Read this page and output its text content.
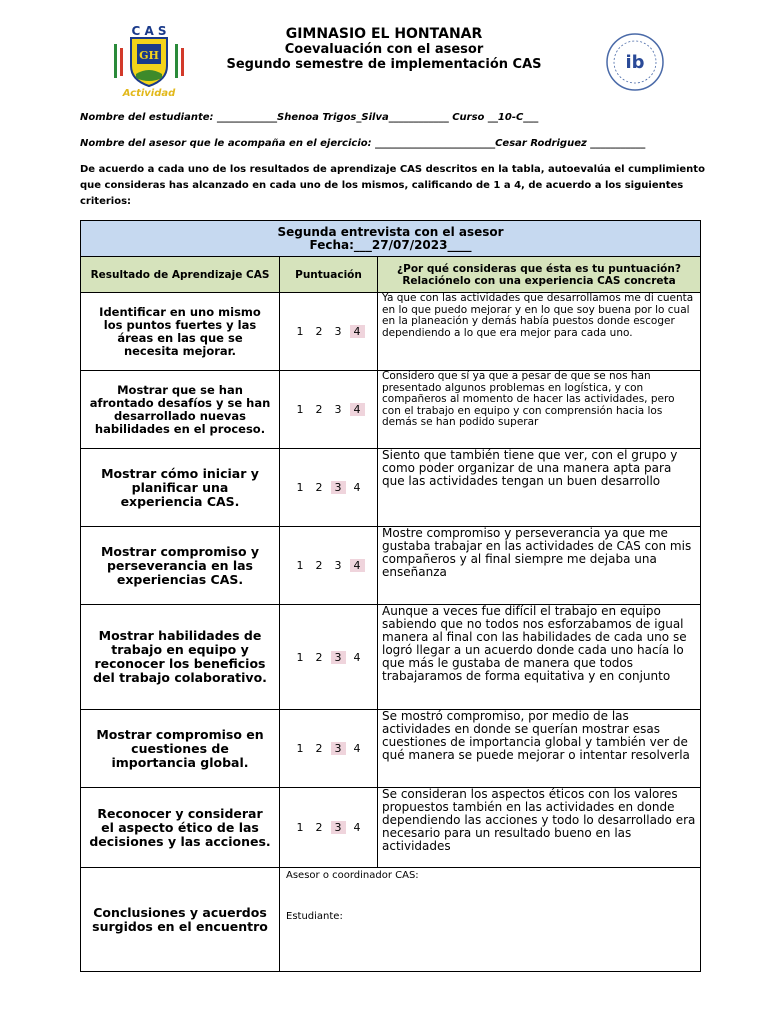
C A S
GH
Actividad
ib
GIMNASIO EL HONTANAR
Coevaluación con el asesor
Segundo semestre de implementación CAS
Nombre del estudiante: ____________Shenoa Trigos_Silva____________ Curso __10-C___
Nombre del asesor que le acompaña en el ejercicio: ________________________Cesar Rodriguez ___________
De acuerdo a cada uno de los resultados de aprendizaje CAS descritos en la tabla, autoevalúa el cumplimiento que consideras has alcanzado en cada uno de los mismos, calificando de 1 a 4, de acuerdo a los siguientes criterios:
Segunda entrevista con el asesor
Fecha:___27/07/2023____		

Resultado de Aprendizaje CAS	Puntuación	¿Por qué consideras que ésta es tu puntuación? Relaciónelo con una experiencia CAS concreta
Identificar en uno mismo los puntos fuertes y las áreas en las que se necesita mejorar.	1 2 3 4	Ya que con las actividades que desarrollamos me di cuenta en lo que puedo mejorar y en lo que soy buena por lo cual en la planeación y demás había puestos donde escoger dependiendo a lo que era mejor para cada uno.
Mostrar que se han afrontado desafíos y se han desarrollado nuevas habilidades en el proceso.	1 2 3 4	Considero que sí ya que a pesar de que se nos han presentado algunos problemas en logística, y con compañeros al momento de hacer las actividades, pero con el trabajo en equipo y con comprensión hacia los demás se han podido superar
Mostrar cómo iniciar y planificar una experiencia CAS.	1 2 3 4	Siento que también tiene que ver, con el grupo y como poder organizar de una manera apta para que las actividades tengan un buen desarrollo
Mostrar compromiso y perseverancia en las experiencias CAS.	1 2 3 4	Mostre compromiso y perseverancia ya que me gustaba trabajar en las actividades de CAS con mis compañeros y al final siempre me dejaba una enseñanza
Mostrar habilidades de trabajo en equipo y reconocer los beneficios del trabajo colaborativo.	1 2 3 4	Aunque a veces fue difícil el trabajo en equipo sabiendo que no todos nos esforzabamos de igual manera al final con las habilidades de cada uno se logró llegar a un acuerdo donde cada uno hacía lo que más le gustaba de manera que todos trabajaramos de forma equitativa y en conjunto
Mostrar compromiso en cuestiones de importancia global.	1 2 3 4	Se mostró compromiso, por medio de las actividades en donde se querían mostrar esas cuestiones de importancia global y también ver de qué manera se puede mejorar o intentar resolverla
Reconocer y considerar el aspecto ético de las decisiones y las acciones.	1 2 3 4	Se consideran los aspectos éticos con los valores propuestos también en las actividades en donde dependiendo las acciones y todo lo desarrollado era necesario para un resultado bueno en las actividades
Conclusiones y acuerdos surgidos en el encuentro	Asesor o coordinador CAS:
Estudiante:	
